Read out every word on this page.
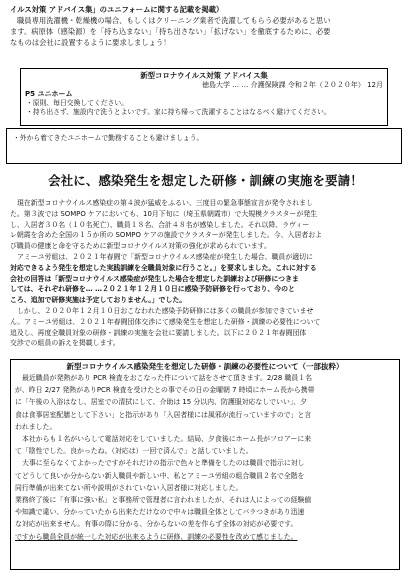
イルス対策 アドバイス集」のユニフォームに関する記載を掲載）

職員専用洗濯機・乾燥機の場合、もしくはクリーニング業者で洗濯してもらう必要があると思い

ます。病原体（感染源）を「持ち込まない」「持ち出さない」「拡げない」を徹底するために、必要

なものは会社に設置するように要求しましょう！

新型コロナウイルス対策 アドバイス集
徳島大学 … … 介護保険課 令和２年（２０２０年） 12月
P5 ユニホーム
・原則、毎日交換してください。
・持ち出さず、施設内で洗うとよいです。家に持ち帰って洗濯することはなるべく避けてください。
・外から着てきたユニホームで勤務することも避けましょう。
会社に、感染発生を想定した研修・訓練の実施を要請！

現在新型コロナウイルス感染症の第４波が猛威をふるい、三度目の緊急事態宣言が発令されまし

た。第３波では SOMPO ケアにおいても、10月下旬に（埼玉県朝霞市）で大規模クラスターが発生

し、入居者３０名（１０名死亡）、職員１８名、合計４８名が感染しました。それ以降、ラヴィー

レ朝霞を含めた全国の１５か所の SOMPO ケアの施設でクラスターが発生しました。今、入居者およ

び職員の健康と命を守るために新型コロナウイルス対策の強化が求められています。

アミーユ労組は、２０２１年春闘で「新型コロナウイルス感染症が発生した場合、職員が適切に

対応できるよう発生を想定した実践訓練を全職員対象に行うこと。」を要求しました。これに対する

会社の回答は「新型コロナウイルス感染症が発生した場合を想定した訓練および研修につきま

しては、それぞれ研修を… …２０２１年１２月１０日に感染予防研修を行っており、今のと

ころ、追加で研修実施は予定しておりません。」でした。

しかし、２０２０年１２月１０日おこなわれた感染予防研修には多くの職員が参加できていませ

ん。アミーユ労組は、２０２１年春闘団体交渉にて感染発生を想定した研修・訓練の必要性について

追及し、再度全職員対象の研修・訓練の実施を会社に要請しました。以下に２０２１年春闘団体

交渉での組員の訴えを掲載します。

新型コロナウイルス感染発生を想定した研修・訓練の必要性について（一部抜粋）

最近職員が発熱があり PCR 検査をおこなった件について話をさせて頂きます。2/28 職員１名

が、昨日 2/27 発熱がありPCR 検査を受けたとの事でその日の金曜朝 7 時頃にホーム長から携帯

に「午後の入浴はなし、居室での清拭にして、介助は 15 分以内、防護服対応なしでいい」、夕

食は食事居室配膳として下さい」と指示があり「入居者様には風邪が流行っていますので」と言

われました。

本社からも１名がいらして電話対応をしていました。結局、夕食後にホーム長がフロアーに来

て「陰性でした。良かったね。（対応は）一回で済んで」と話していました。

大事に至らなくてよかったですがそれだけの指示で色々と準備をしたのは職員で指示に対し

てどうして良いか分からない新人職員や新しい中、私とアミーユ労組の組合職員２名で全階を

同行準備が出来てない所や説明がされていない入居者様に対応しました。

業務終了後に「有事に強い私」と事務所で管理者に言われましたが、それは人によっての経験値

や知識で違い、分かっていたから出来ただけなので中々は職員全体としてバラつきがあり迅速

な対応が出来ません。有事の際に分かる、分からないの差を作らず全体の対応が必要です。

ですから職員全員が統一した対応が出来るように研修、訓練の必要性を改めて感じました。
